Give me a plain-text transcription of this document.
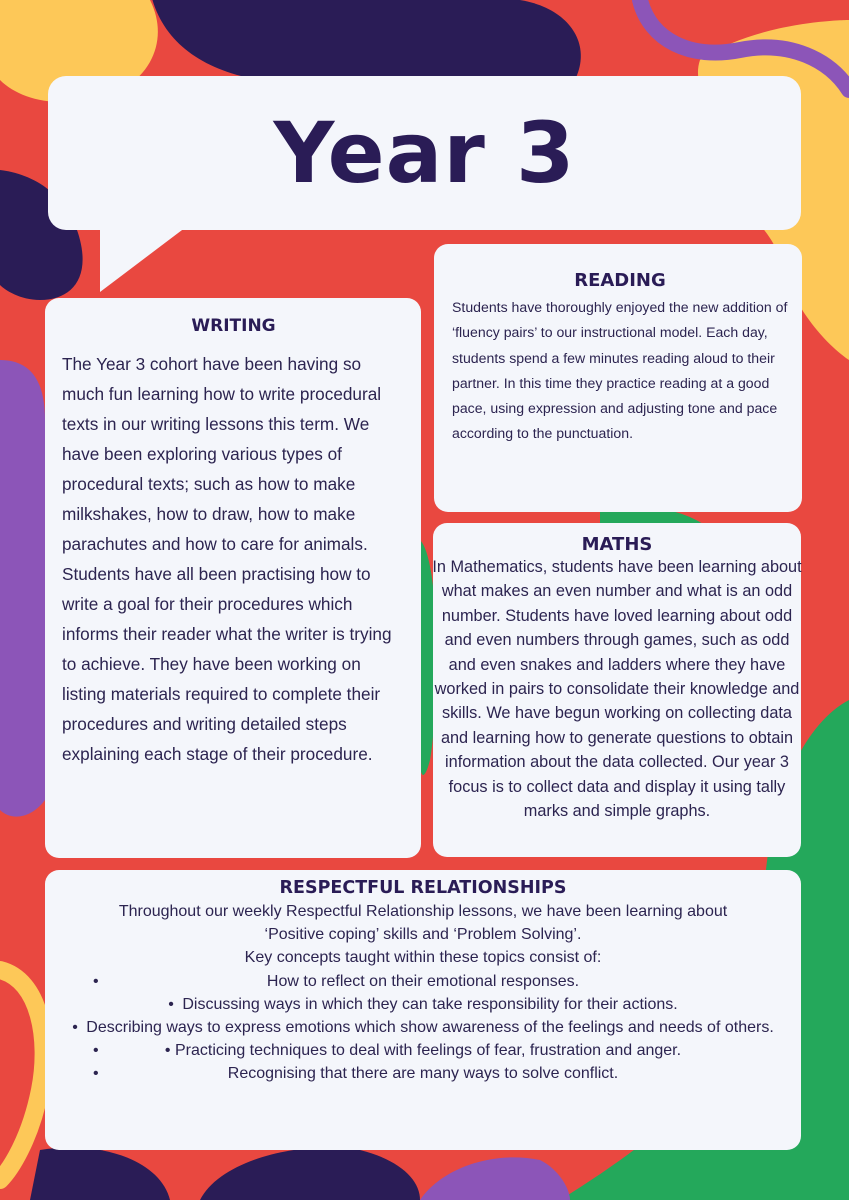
Year 3
WRITING

The Year 3 cohort have been having so much fun learning how to write procedural texts in our writing lessons this term. We have been exploring various types of procedural texts; such as how to make milkshakes, how to draw, how to make parachutes and how to care for animals.

Students have all been practising how to write a goal for their procedures which informs their reader what the writer is trying to achieve. They have been working on listing materials required to complete their procedures and writing detailed steps explaining each stage of their procedure.

READING

Students have thoroughly enjoyed the new addition of ‘fluency pairs’ to our instructional model. Each day, students spend a few minutes reading aloud to their partner. In this time they practice reading at a good pace, using expression and adjusting tone and pace according to the punctuation.

MATHS

In Mathematics, students have been learning about what makes an even number and what is an odd number. Students have loved learning about odd and even numbers through games, such as odd and even snakes and ladders where they have worked in pairs to consolidate their knowledge and skills. We have begun working on collecting data and learning how to generate questions to obtain information about the data collected. Our year 3 focus is to collect data and display it using tally marks and simple graphs.

RESPECTFUL RELATIONSHIPS

Throughout our weekly Respectful Relationship lessons, we have been learning about

‘Positive coping’ skills and ‘Problem Solving’.

Key concepts taught within these topics consist of:

•	How to reflect on their emotional responses.
• Discussing ways in which they can take responsibility for their actions.
• Describing ways to express emotions which show awareness of the feelings and needs of others.
•	• Practicing techniques to deal with feelings of fear, frustration and anger.
•	Recognising that there are many ways to solve conflict.
